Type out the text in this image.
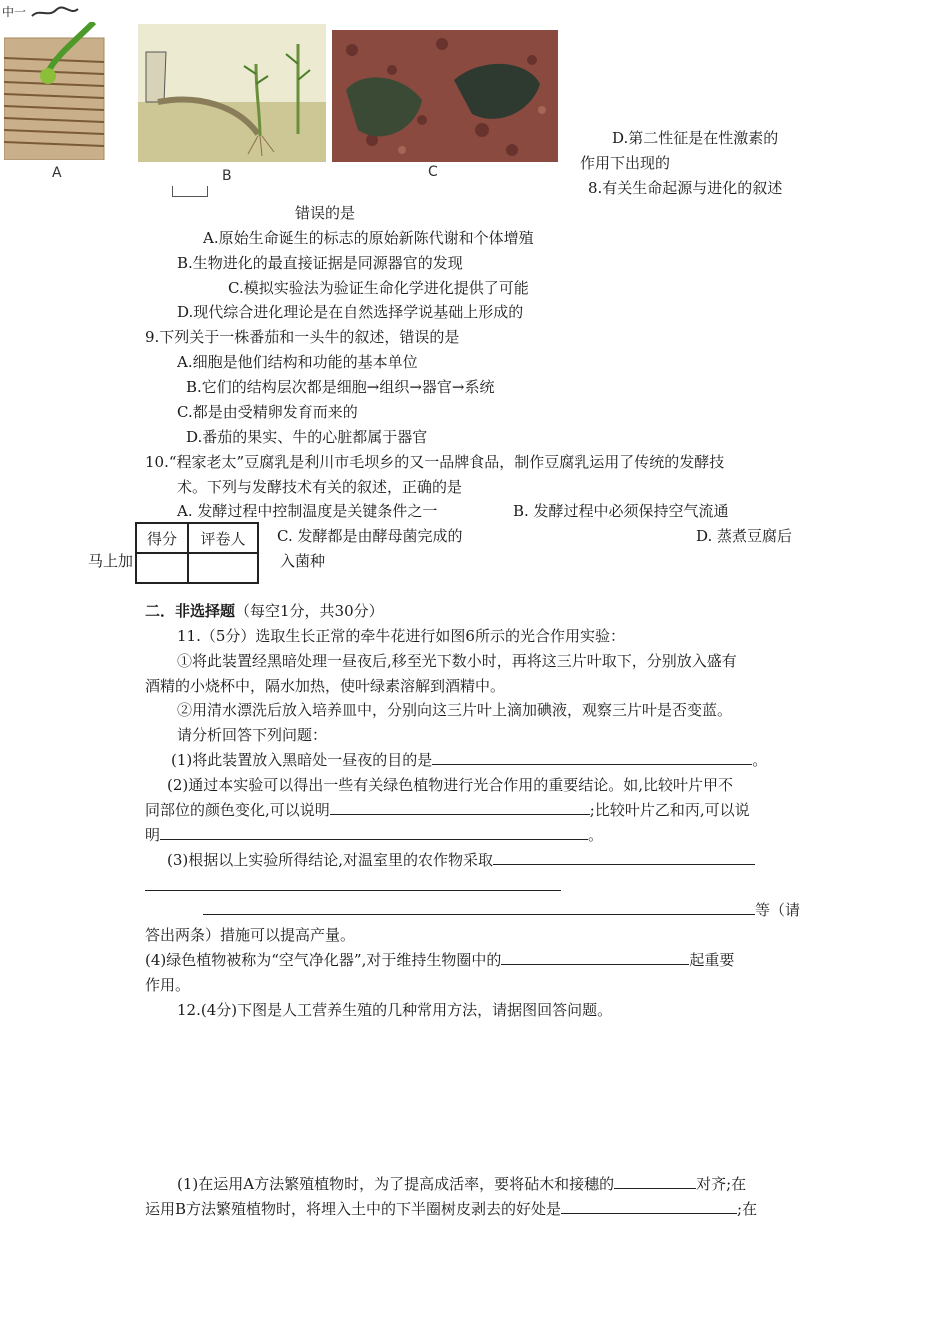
中一
A	B	C
D.第二性征是在性激素的
作用下出现的
8.有关生命起源与进化的叙述
错误的是
A.原始生命诞生的标志的原始新陈代谢和个体增殖
B.生物进化的最直接证据是同源器官的发现
C.模拟实验法为验证生命化学进化提供了可能
D.现代综合进化理论是在自然选择学说基础上形成的
9.下列关于一株番茄和一头牛的叙述，错误的是
A.细胞是他们结构和功能的基本单位
B.它们的结构层次都是细胞→组织→器官→系统
C.都是由受精卵发育而来的
D.番茄的果实、牛的心脏都属于器官
10.“程家老太”豆腐乳是利川市毛坝乡的又一品牌食品，制作豆腐乳运用了传统的发酵技
术。下列与发酵技术有关的叙述，正确的是
A. 发酵过程中控制温度是关键条件之一	B. 发酵过程中必须保持空气流通
C. 发酵都是由酵母菌完成的	D. 蒸煮豆腐后
入菌种
得分	评卷人

马上加
二．非选择题（每空1分，共30分）
11.（5分）选取生长正常的牵牛花进行如图6所示的光合作用实验：
①将此装置经黑暗处理一昼夜后,移至光下数小时，再将这三片叶取下，分别放入盛有
酒精的小烧杯中，隔水加热，使叶绿素溶解到酒精中。
②用清水漂洗后放入培养皿中，分别向这三片叶上滴加碘液，观察三片叶是否变蓝。
请分析回答下列问题：
(1)将此装置放入黑暗处一昼夜的目的是	。
(2)通过本实验可以得出一些有关绿色植物进行光合作用的重要结论。如,比较叶片甲不
同部位的颜色变化,可以说明	;比较叶片乙和丙,可以说
明	。
(3)根据以上实验所得结论,对温室里的农作物采取
等（请
答出两条）措施可以提高产量。
(4)绿色植物被称为“空气净化器”,对于维持生物圈中的	起重要
作用。
12.(4分)下图是人工营养生殖的几种常用方法，请据图回答问题。
(1)在运用A方法繁殖植物时，为了提高成活率，要将砧木和接穗的	对齐;在
运用B方法繁殖植物时，将埋入土中的下半圈树皮剥去的好处是	;在
